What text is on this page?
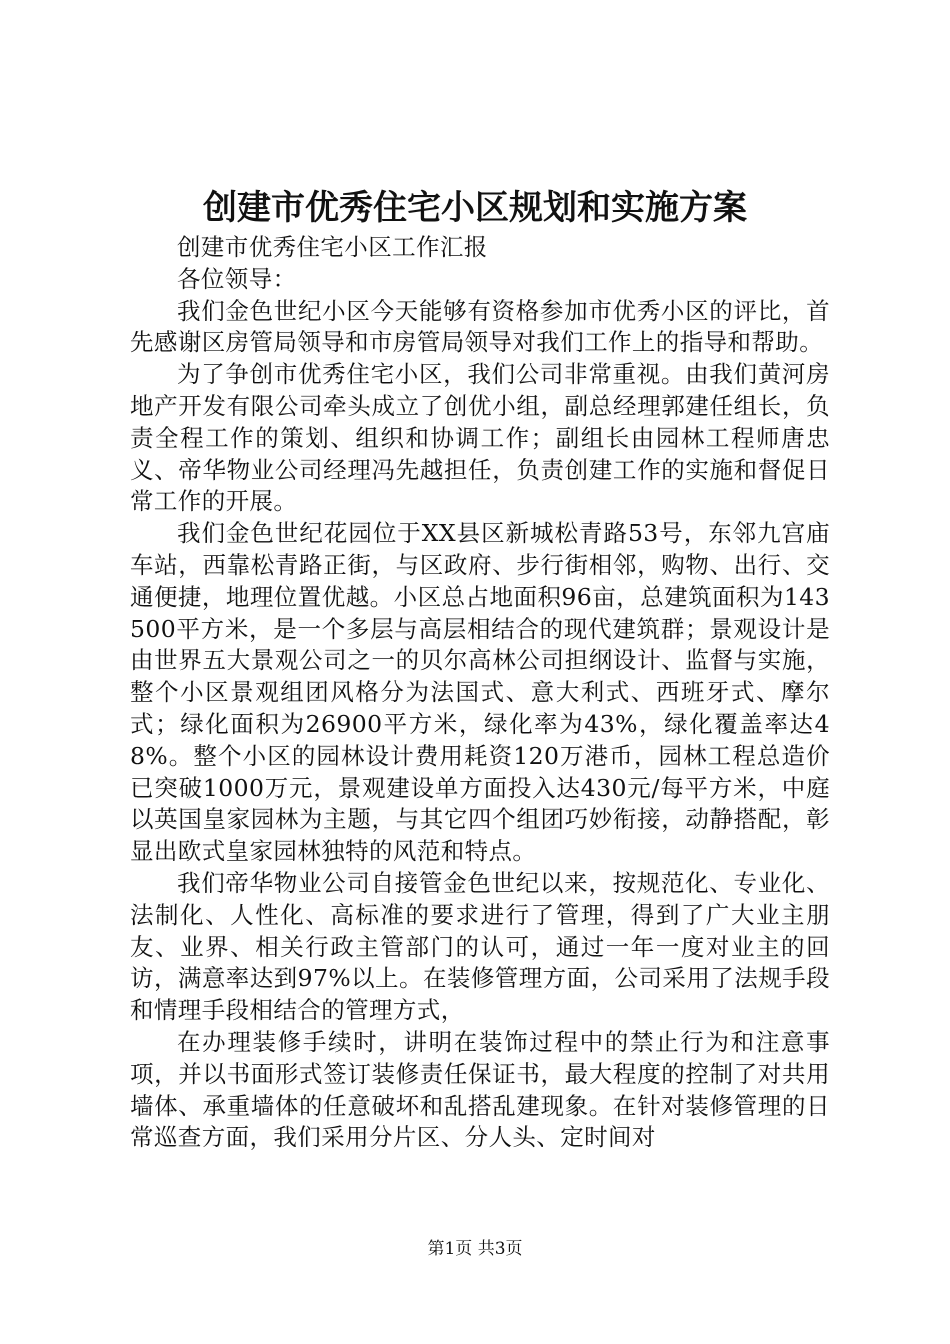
创建市优秀住宅小区规划和实施方案

创建市优秀住宅小区工作汇报

各位领导：

我们金色世纪小区今天能够有资格参加市优秀小区的评比，首先感谢区房管局领导和市房管局领导对我们工作上的指导和帮助。

为了争创市优秀住宅小区，我们公司非常重视。由我们黄河房地产开发有限公司牵头成立了创优小组，副总经理郭建任组长，负责全程工作的策划、组织和协调工作；副组长由园林工程师唐忠义、帝华物业公司经理冯先越担任，负责创建工作的实施和督促日常工作的开展。

我们金色世纪花园位于XX县区新城松青路53号，东邻九宫庙车站，西靠松青路正街，与区政府、步行街相邻，购物、出行、交通便捷，地理位置优越。小区总占地面积96亩，总建筑面积为143500平方米，是一个多层与高层相结合的现代建筑群；景观设计是由世界五大景观公司之一的贝尔高林公司担纲设计、监督与实施，整个小区景观组团风格分为法国式、意大利式、西班牙式、摩尔式；绿化面积为26900平方米，绿化率为43%，绿化覆盖率达48%。整个小区的园林设计费用耗资120万港币，园林工程总造价已突破1000万元，景观建设单方面投入达430元/每平方米，中庭以英国皇家园林为主题，与其它四个组团巧妙衔接，动静搭配，彰显出欧式皇家园林独特的风范和特点。

我们帝华物业公司自接管金色世纪以来，按规范化、专业化、法制化、人性化、高标准的要求进行了管理，得到了广大业主朋友、业界、相关行政主管部门的认可，通过一年一度对业主的回访，满意率达到97%以上。在装修管理方面，公司采用了法规手段和情理手段相结合的管理方式，

在办理装修手续时，讲明在装饰过程中的禁止行为和注意事项，并以书面形式签订装修责任保证书，最大程度的控制了对共用墙体、承重墙体的任意破坏和乱搭乱建现象。在针对装修管理的日常巡查方面，我们采用分片区、分人头、定时间对

第1页 共3页
